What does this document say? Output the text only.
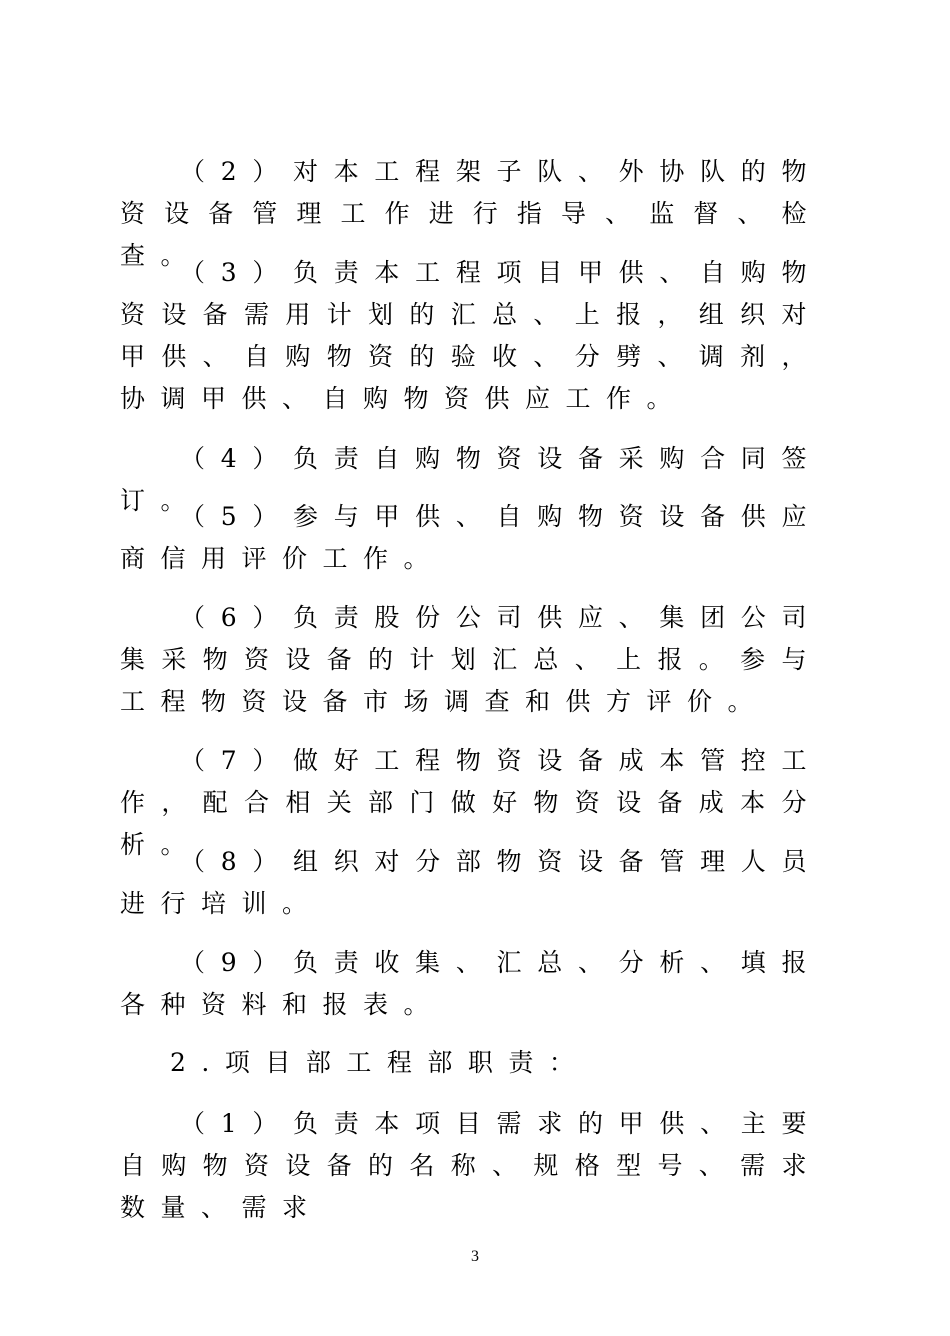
（2）对本工程架子队、外协队的物资设备管理工作进行指导、监督、检查。

（3）负责本工程项目甲供、自购物资设备需用计划的汇总、上报，组织对甲供、自购物资的验收、分劈、调剂，协调甲供、自购物资供应工作。

（4）负责自购物资设备采购合同签订。

（5）参与甲供、自购物资设备供应商信用评价工作。

（6）负责股份公司供应、集团公司集采物资设备的计划汇总、上报。参与工程物资设备市场调查和供方评价。

（7）做好工程物资设备成本管控工作，配合相关部门做好物资设备成本分析。

（8）组织对分部物资设备管理人员进行培训。

（9）负责收集、汇总、分析、填报各种资料和报表。

2.项目部工程部职责：

（1）负责本项目需求的甲供、主要自购物资设备的名称、规格型号、需求数量、需求

3
